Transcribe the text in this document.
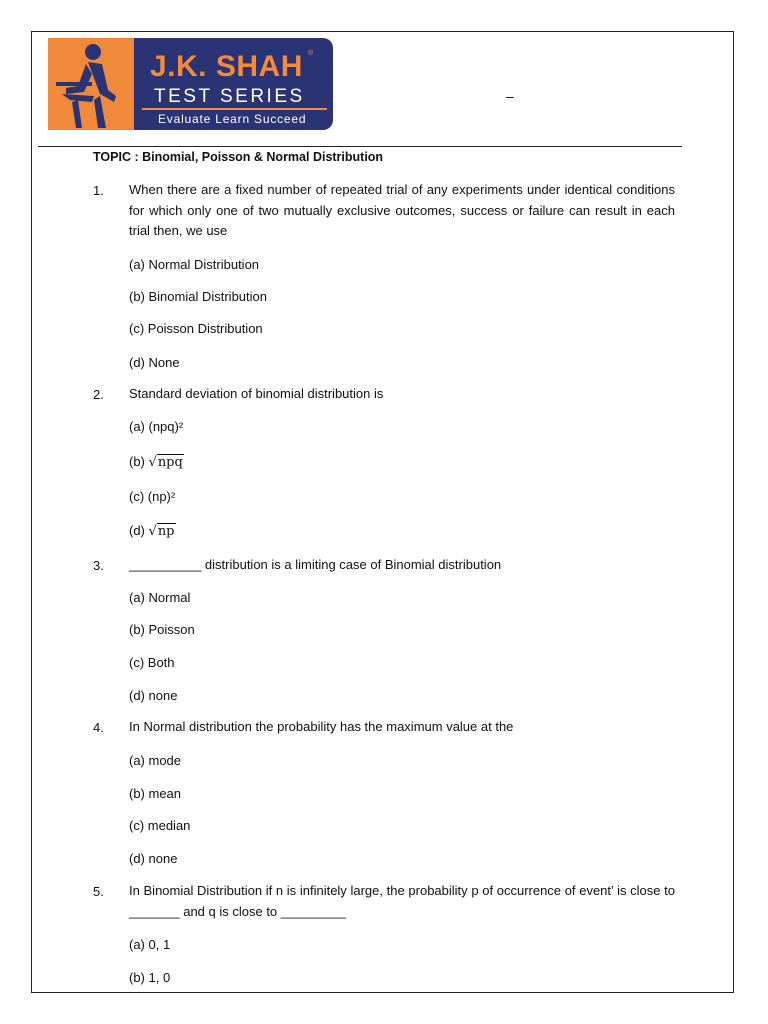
J.K. SHAH ®
TEST SERIES
Evaluate Learn Succeed
–
TOPIC : Binomial, Poisson & Normal Distribution
1. When there are a fixed number of repeated trial of any experiments under identical conditions for which only one of two mutually exclusive outcomes, success or failure can result in each trial then, we use
(a) Normal Distribution
(b) Binomial Distribution
(c) Poisson Distribution
(d) None
2. Standard deviation of binomial distribution is
(a) (npq)²
(b) √npq
(c) (np)²
(d) √np
3. __________ distribution is a limiting case of Binomial distribution
(a) Normal
(b) Poisson
(c) Both
(d) none
4. In Normal distribution the probability has the maximum value at the
(a) mode
(b) mean
(c) median
(d) none
5. In Binomial Distribution if n is infinitely large, the probability p of occurrence of event’ is close to _______ and q is close to _________
(a) 0, 1
(b) 1, 0
